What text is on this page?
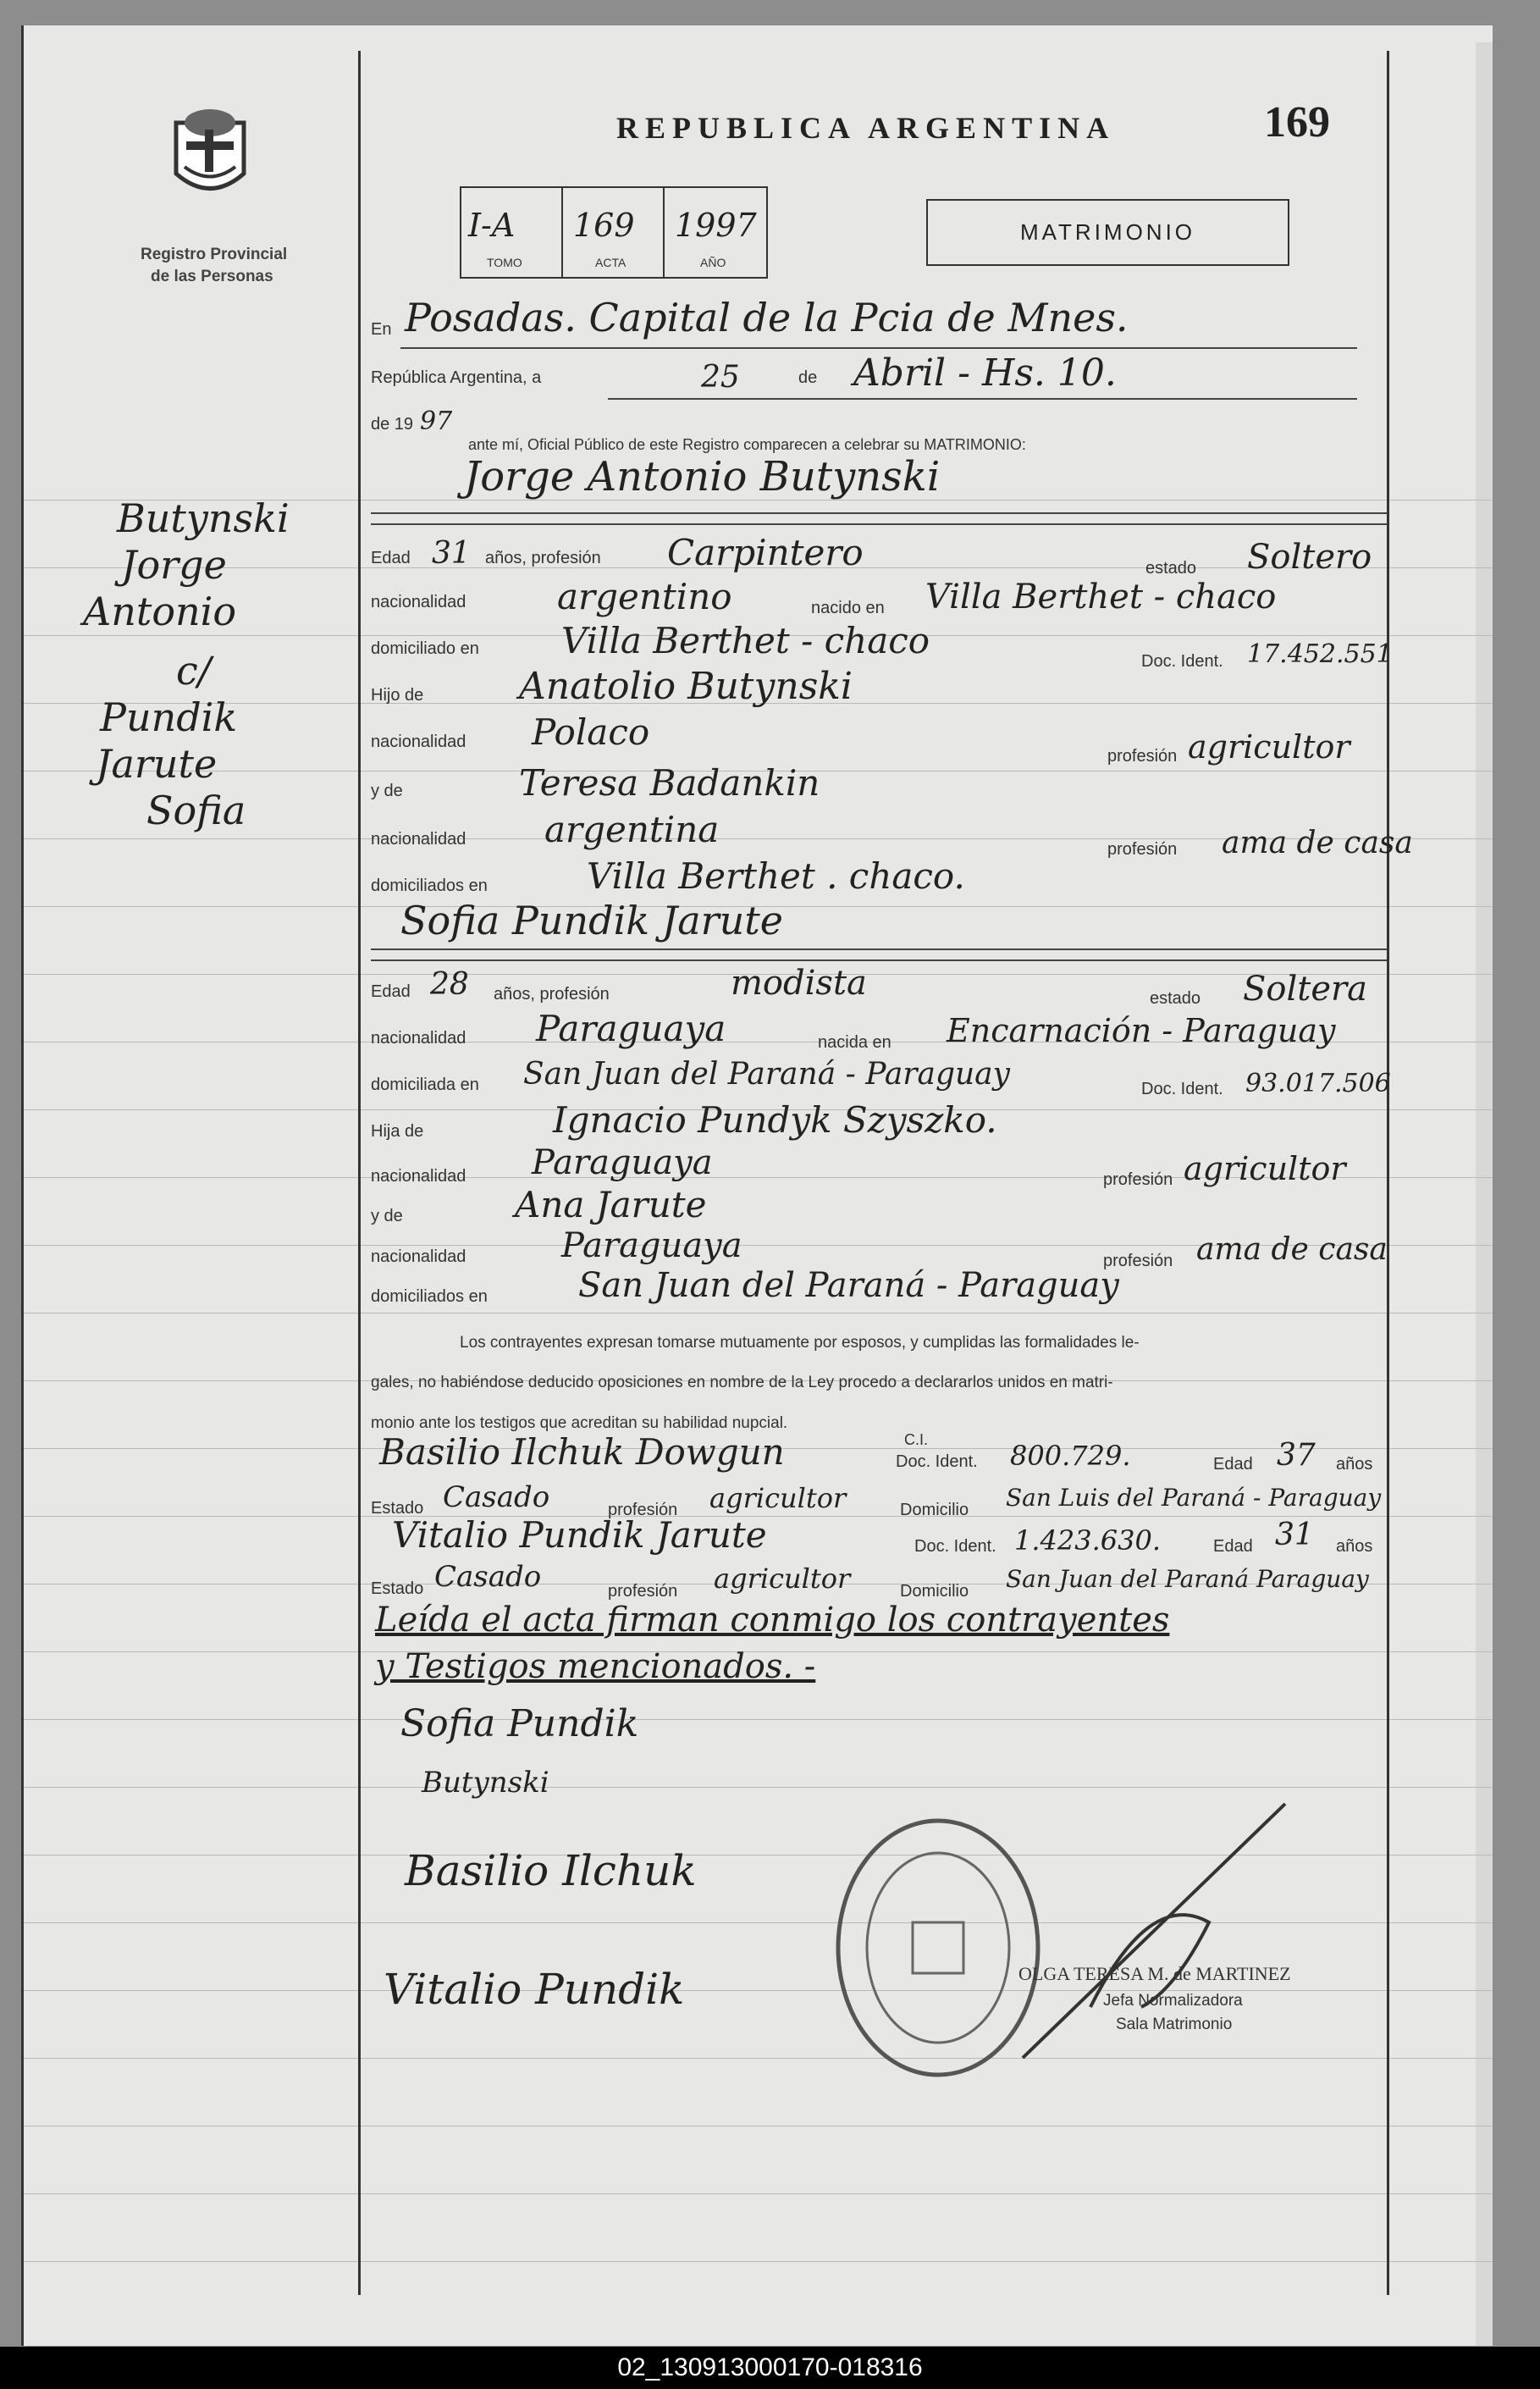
Registro Provincial
de las Personas
REPUBLICA ARGENTINA	169
I-A 169 1997
TOMO	ACTA	AÑO
MATRIMONIO
Butynski
Jorge
Antonio
c/
Pundik
Jarute
Sofia
En Posadas. Capital de la Pcia de Mnes.
República Argentina, a	25	de Abril - Hs. 10.
de 19 97
ante mí, Oficial Público de este Registro comparecen a celebrar su MATRIMONIO:
Jorge Antonio Butynski
Edad 31 años, profesión Carpintero	estado Soltero
nacionalidad	argentino	nacido en Villa Berthet - chaco
domiciliado en Villa Berthet - chaco	Doc. Ident. 17.452.551
Hijo de	Anatolio Butynski
nacionalidad Polaco
profesión agricultor
y de	Teresa Badankin
nacionalidad argentina	profesión ama de casa
domiciliados en	Villa Berthet . chaco.
Sofia Pundik Jarute
Edad 28 años, profesión	modista	estado Soltera
nacionalidad Paraguaya	nacida en Encarnación - Paraguay
domiciliada en San Juan del Paraná - Paraguay	Doc. Ident. 93.017.506
Hija de	Ignacio Pundyk Szyszko.
nacionalidad Paraguaya	profesión agricultor
y de	Ana Jarute
nacionalidad	Paraguaya	profesión ama de casa
domiciliados en	San Juan del Paraná - Paraguay
Los contrayentes expresan tomarse mutuamente por esposos, y cumplidas las formalidades le-
gales, no habiéndose deducido oposiciones en nombre de la Ley procedo a declararlos unidos en matri-
monio ante los testigos que acreditan su habilidad nupcial.
Basilio Ilchuk Dowgun	C.I.
Doc. Ident. 800.729.	Edad 37 años
Estado Casado	profesión agricultor	Domicilio San Luis del Paraná - Paraguay
Vitalio Pundik Jarute	Doc. Ident. 1.423.630.	Edad 31 años
Estado Casado	profesión agricultor	Domicilio San Juan del Paraná Paraguay
Leída el acta firman conmigo los contrayentes
y Testigos mencionados. -
Sofia Pundik
Butynski
Basilio Ilchuk
Vitalio Pundik	OLGA TERESA M. de MARTINEZ
Jefa Normalizadora
Sala Matrimonio
02_130913000170-018316
